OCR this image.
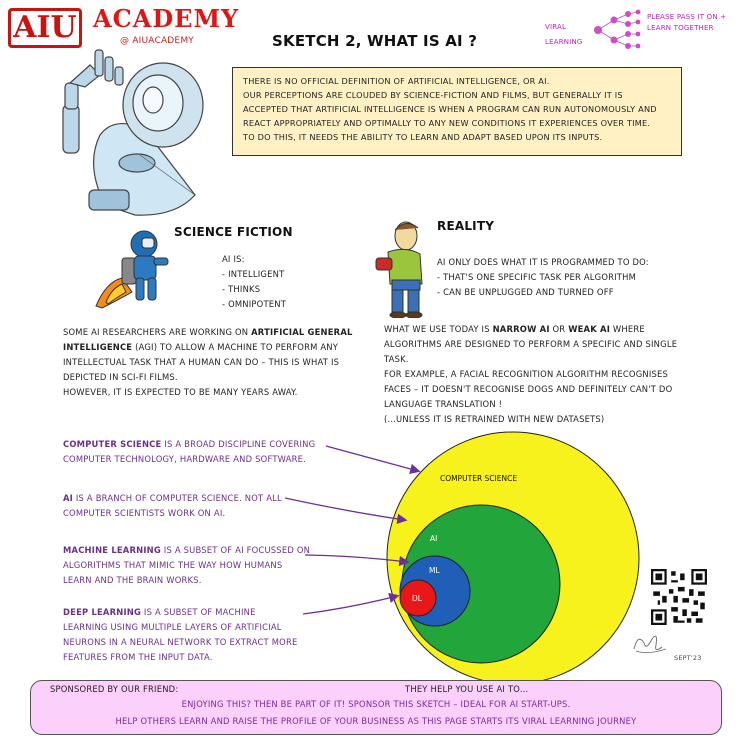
AIU ACADEMY
@ AIUACADEMY	SKETCH 2, WHAT IS AI ?
VIRAL
LEARNING
PLEASE PASS IT ON + LEARN TOGETHER
THERE IS NO OFFICIAL DEFINITION OF ARTIFICIAL INTELLIGENCE, OR AI.
OUR PERCEPTIONS ARE CLOUDED BY SCIENCE-FICTION AND FILMS, BUT GENERALLY IT IS
ACCEPTED THAT ARTIFICIAL INTELLIGENCE IS WHEN A PROGRAM CAN RUN AUTONOMOUSLY AND
REACT APPROPRIATELY AND OPTIMALLY TO ANY NEW CONDITIONS IT EXPERIENCES OVER TIME.
TO DO THIS, IT NEEDS THE ABILITY TO LEARN AND ADAPT BASED UPON ITS INPUTS.
SCIENCE FICTION
AI IS:
- INTELLIGENT
- THINKS
- OMNIPOTENT
SOME AI RESEARCHERS ARE WORKING ON ARTIFICIAL GENERAL INTELLIGENCE (AGI) TO ALLOW A MACHINE TO PERFORM ANY INTELLECTUAL TASK THAT A HUMAN CAN DO – THIS IS WHAT IS DEPICTED IN SCI-FI FILMS.
HOWEVER, IT IS EXPECTED TO BE MANY YEARS AWAY.
REALITY
AI ONLY DOES WHAT IT IS PROGRAMMED TO DO:
- THAT'S ONE SPECIFIC TASK PER ALGORITHM
- CAN BE UNPLUGGED AND TURNED OFF
WHAT WE USE TODAY IS NARROW AI OR WEAK AI WHERE ALGORITHMS ARE DESIGNED TO PERFORM A SPECIFIC AND SINGLE TASK.
FOR EXAMPLE, A FACIAL RECOGNITION ALGORITHM RECOGNISES FACES – IT DOESN'T RECOGNISE DOGS AND DEFINITELY CAN'T DO LANGUAGE TRANSLATION !
(...UNLESS IT IS RETRAINED WITH NEW DATASETS)
COMPUTER SCIENCE IS A BROAD DISCIPLINE COVERING COMPUTER TECHNOLOGY, HARDWARE AND SOFTWARE.
AI IS A BRANCH OF COMPUTER SCIENCE. NOT ALL COMPUTER SCIENTISTS WORK ON AI.
MACHINE LEARNING IS A SUBSET OF AI FOCUSSED ON ALGORITHMS THAT MIMIC THE WAY HOW HUMANS LEARN AND THE BRAIN WORKS.
DEEP LEARNING IS A SUBSET OF MACHINE LEARNING USING MULTIPLE LAYERS OF ARTIFICIAL NEURONS IN A NEURAL NETWORK TO EXTRACT MORE FEATURES FROM THE INPUT DATA.
COMPUTER SCIENCE
AI
ML
DL
SEPT'23
SPONSORED BY OUR FRIEND:	THEY HELP YOU USE AI TO...
ENJOYING THIS? THEN BE PART OF IT! SPONSOR THIS SKETCH – IDEAL FOR AI START-UPS.
HELP OTHERS LEARN AND RAISE THE PROFILE OF YOUR BUSINESS AS THIS PAGE STARTS ITS VIRAL LEARNING JOURNEY
